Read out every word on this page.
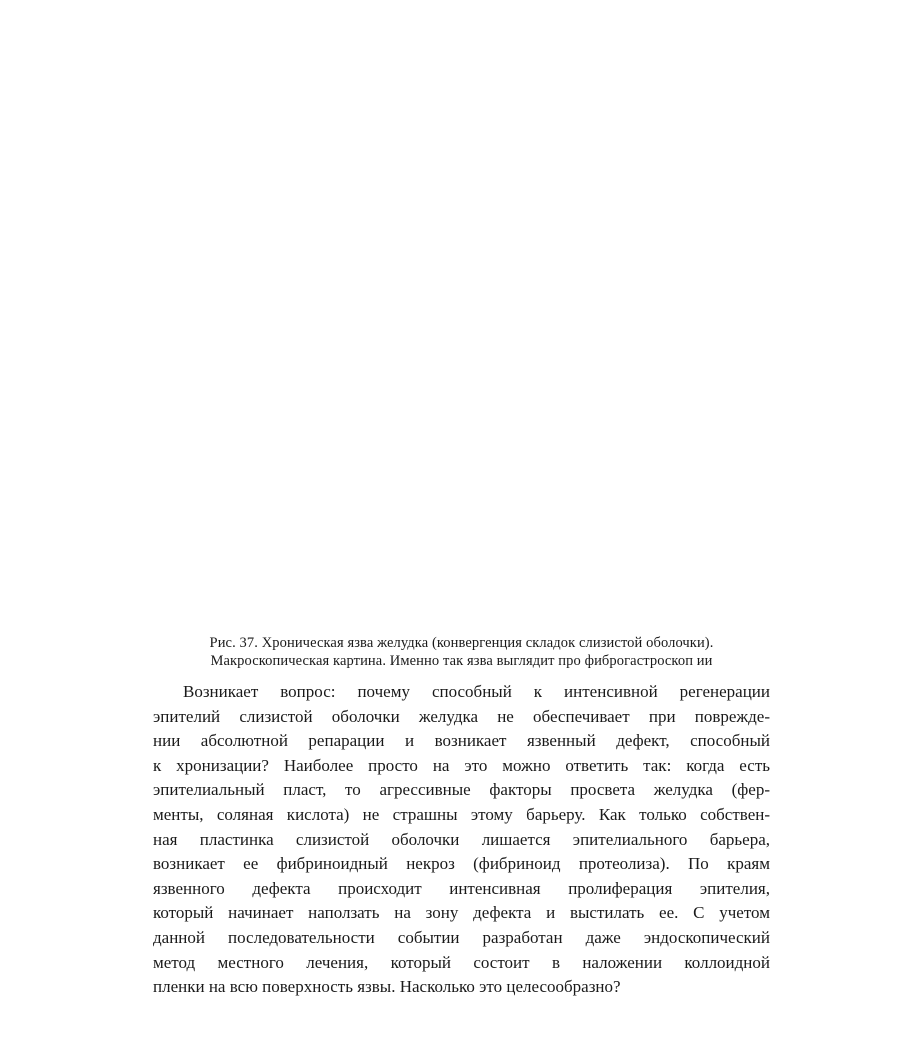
Рис. 37. Хроническая язва желудка (конвергенция складок слизистой оболочки).
Макроскопическая картина. Именно так язва выглядит про фиброгастроскоп ии
Возникает вопрос: почему способный к интенсивной регенерации
эпителий слизистой оболочки желудка не обеспечивает при поврежде-
нии абсолютной репарации и возникает язвенный дефект, способный
к хронизации? Наиболее просто на это можно ответить так: когда есть
эпителиальный пласт, то агрессивные факторы просвета желудка (фер-
менты, соляная кислота) не страшны этому барьеру. Как только собствен-
ная пластинка слизистой оболочки лишается эпителиального барьера,
возникает ее фибриноидный некроз (фибриноид протеолиза). По краям
язвенного дефекта происходит интенсивная пролиферация эпителия,
который начинает наползать на зону дефекта и выстилать ее. С учетом
данной последовательности событии разработан даже эндоскопический
метод местного лечения, который состоит в наложении коллоидной
пленки на всю поверхность язвы. Насколько это целесообразно?
